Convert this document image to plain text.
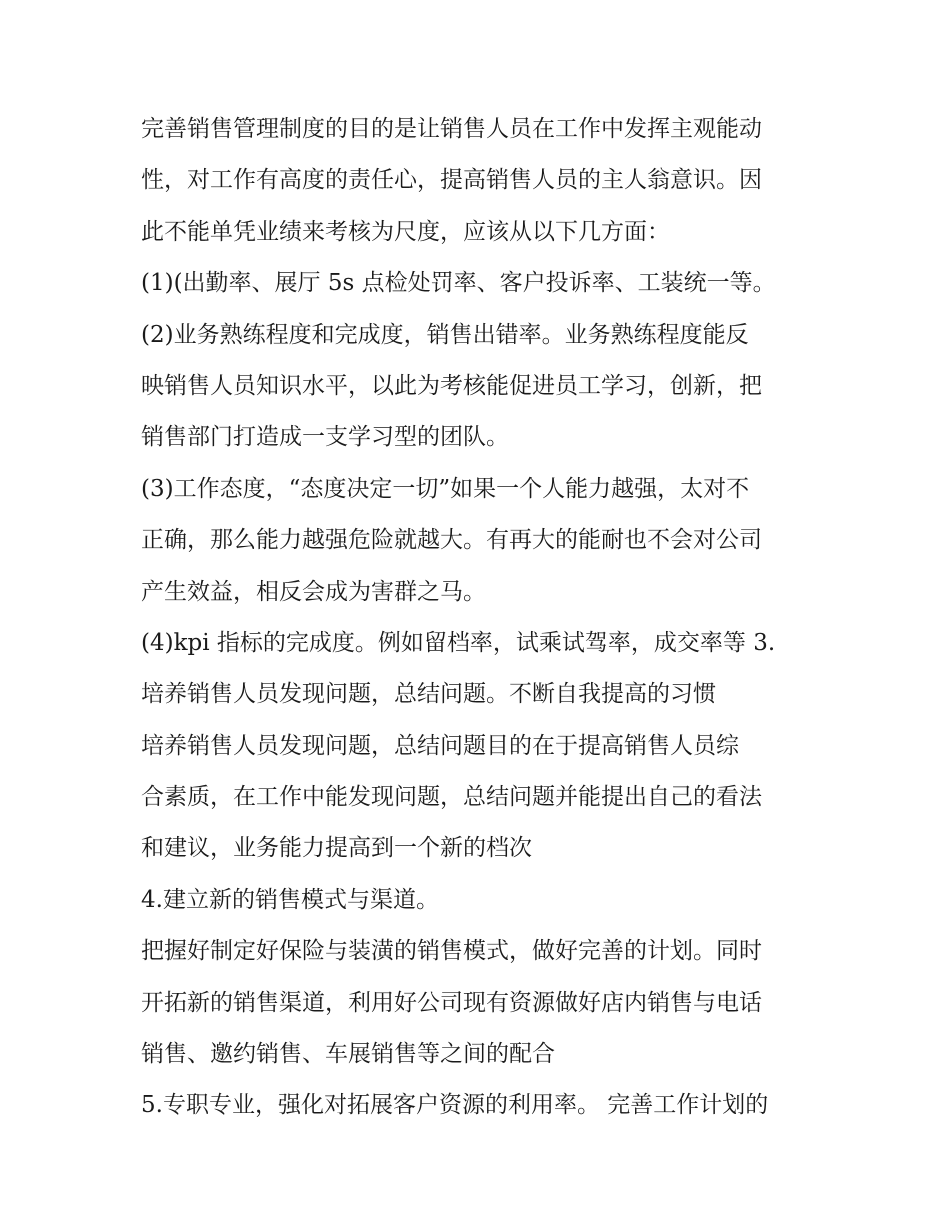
完善销售管理制度的目的是让销售人员在工作中发挥主观能动
性，对工作有高度的责任心，提高销售人员的主人翁意识。因
此不能单凭业绩来考核为尺度，应该从以下几方面：
(1)(出勤率、展厅 5s 点检处罚率、客户投诉率、工装统一等。
(2)业务熟练程度和完成度，销售出错率。业务熟练程度能反
映销售人员知识水平，以此为考核能促进员工学习，创新，把
销售部门打造成一支学习型的团队。
(3)工作态度，“态度决定一切”如果一个人能力越强，太对不
正确，那么能力越强危险就越大。有再大的能耐也不会对公司
产生效益，相反会成为害群之马。
(4)kpi 指标的完成度。例如留档率，试乘试驾率，成交率等 3.
培养销售人员发现问题，总结问题。不断自我提高的习惯
培养销售人员发现问题，总结问题目的在于提高销售人员综
合素质，在工作中能发现问题，总结问题并能提出自己的看法
和建议，业务能力提高到一个新的档次
4.建立新的销售模式与渠道。
把握好制定好保险与装潢的销售模式，做好完善的计划。同时
开拓新的销售渠道，利用好公司现有资源做好店内销售与电话
销售、邀约销售、车展销售等之间的配合
5.专职专业，强化对拓展客户资源的利用率。 完善工作计划的
